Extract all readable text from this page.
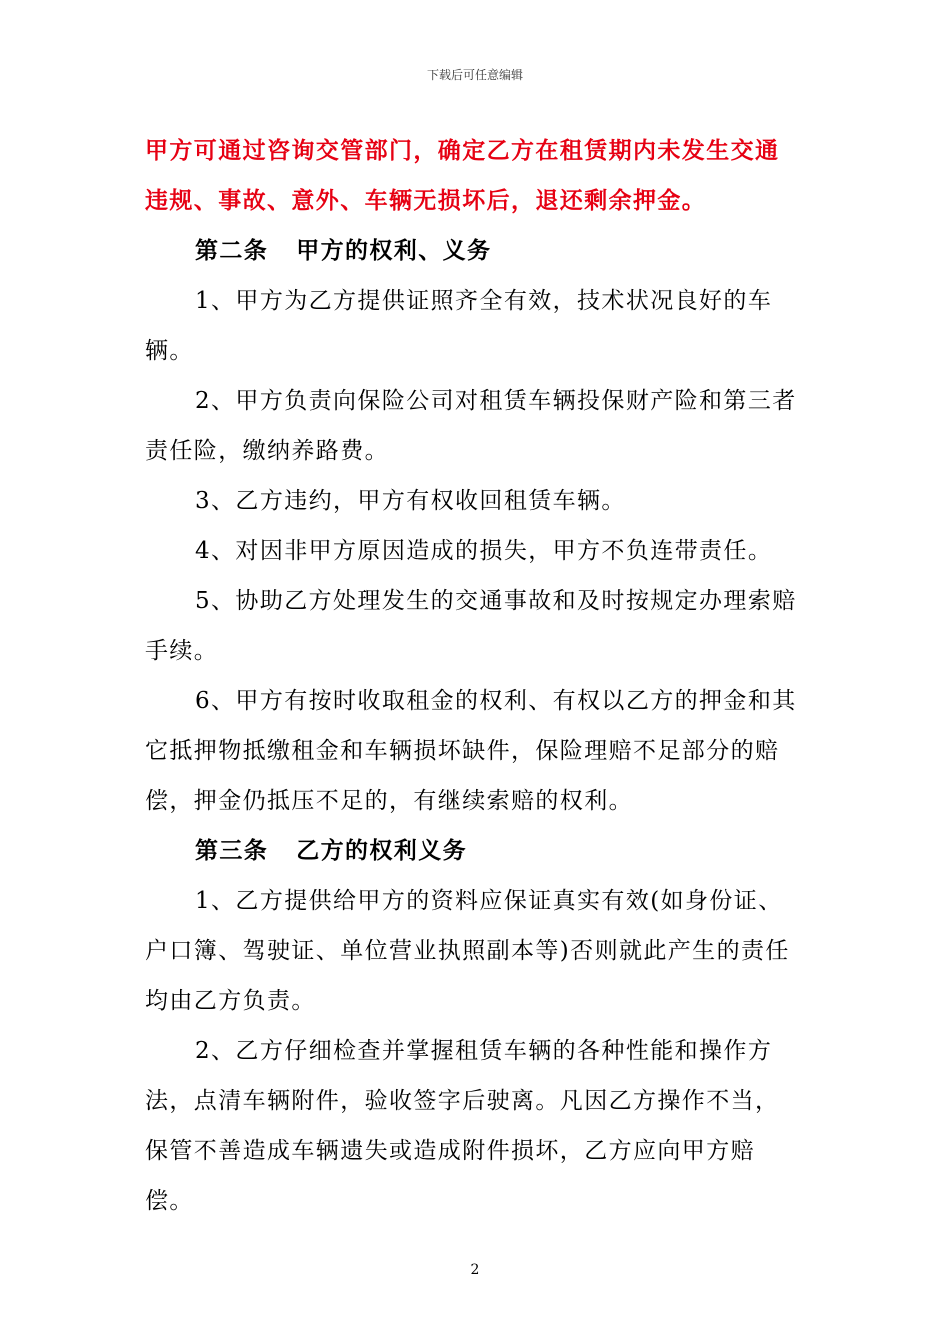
下载后可任意编辑

甲方可通过咨询交管部门，确定乙方在租赁期内未发生交通违规、事故、意外、车辆无损坏后，退还剩余押金。

第二条 甲方的权利、义务

1、甲方为乙方提供证照齐全有效，技术状况良好的车辆。

2、甲方负责向保险公司对租赁车辆投保财产险和第三者责任险，缴纳养路费。

3、乙方违约，甲方有权收回租赁车辆。

4、对因非甲方原因造成的损失，甲方不负连带责任。

5、协助乙方处理发生的交通事故和及时按规定办理索赔手续。

6、甲方有按时收取租金的权利、有权以乙方的押金和其它抵押物抵缴租金和车辆损坏缺件，保险理赔不足部分的赔偿，押金仍抵压不足的，有继续索赔的权利。

第三条 乙方的权利义务

1、乙方提供给甲方的资料应保证真实有效(如身份证、户口簿、驾驶证、单位营业执照副本等)否则就此产生的责任均由乙方负责。

2、乙方仔细检查并掌握租赁车辆的各种性能和操作方法，点清车辆附件，验收签字后驶离。凡因乙方操作不当，保管不善造成车辆遗失或造成附件损坏，乙方应向甲方赔偿。

2
